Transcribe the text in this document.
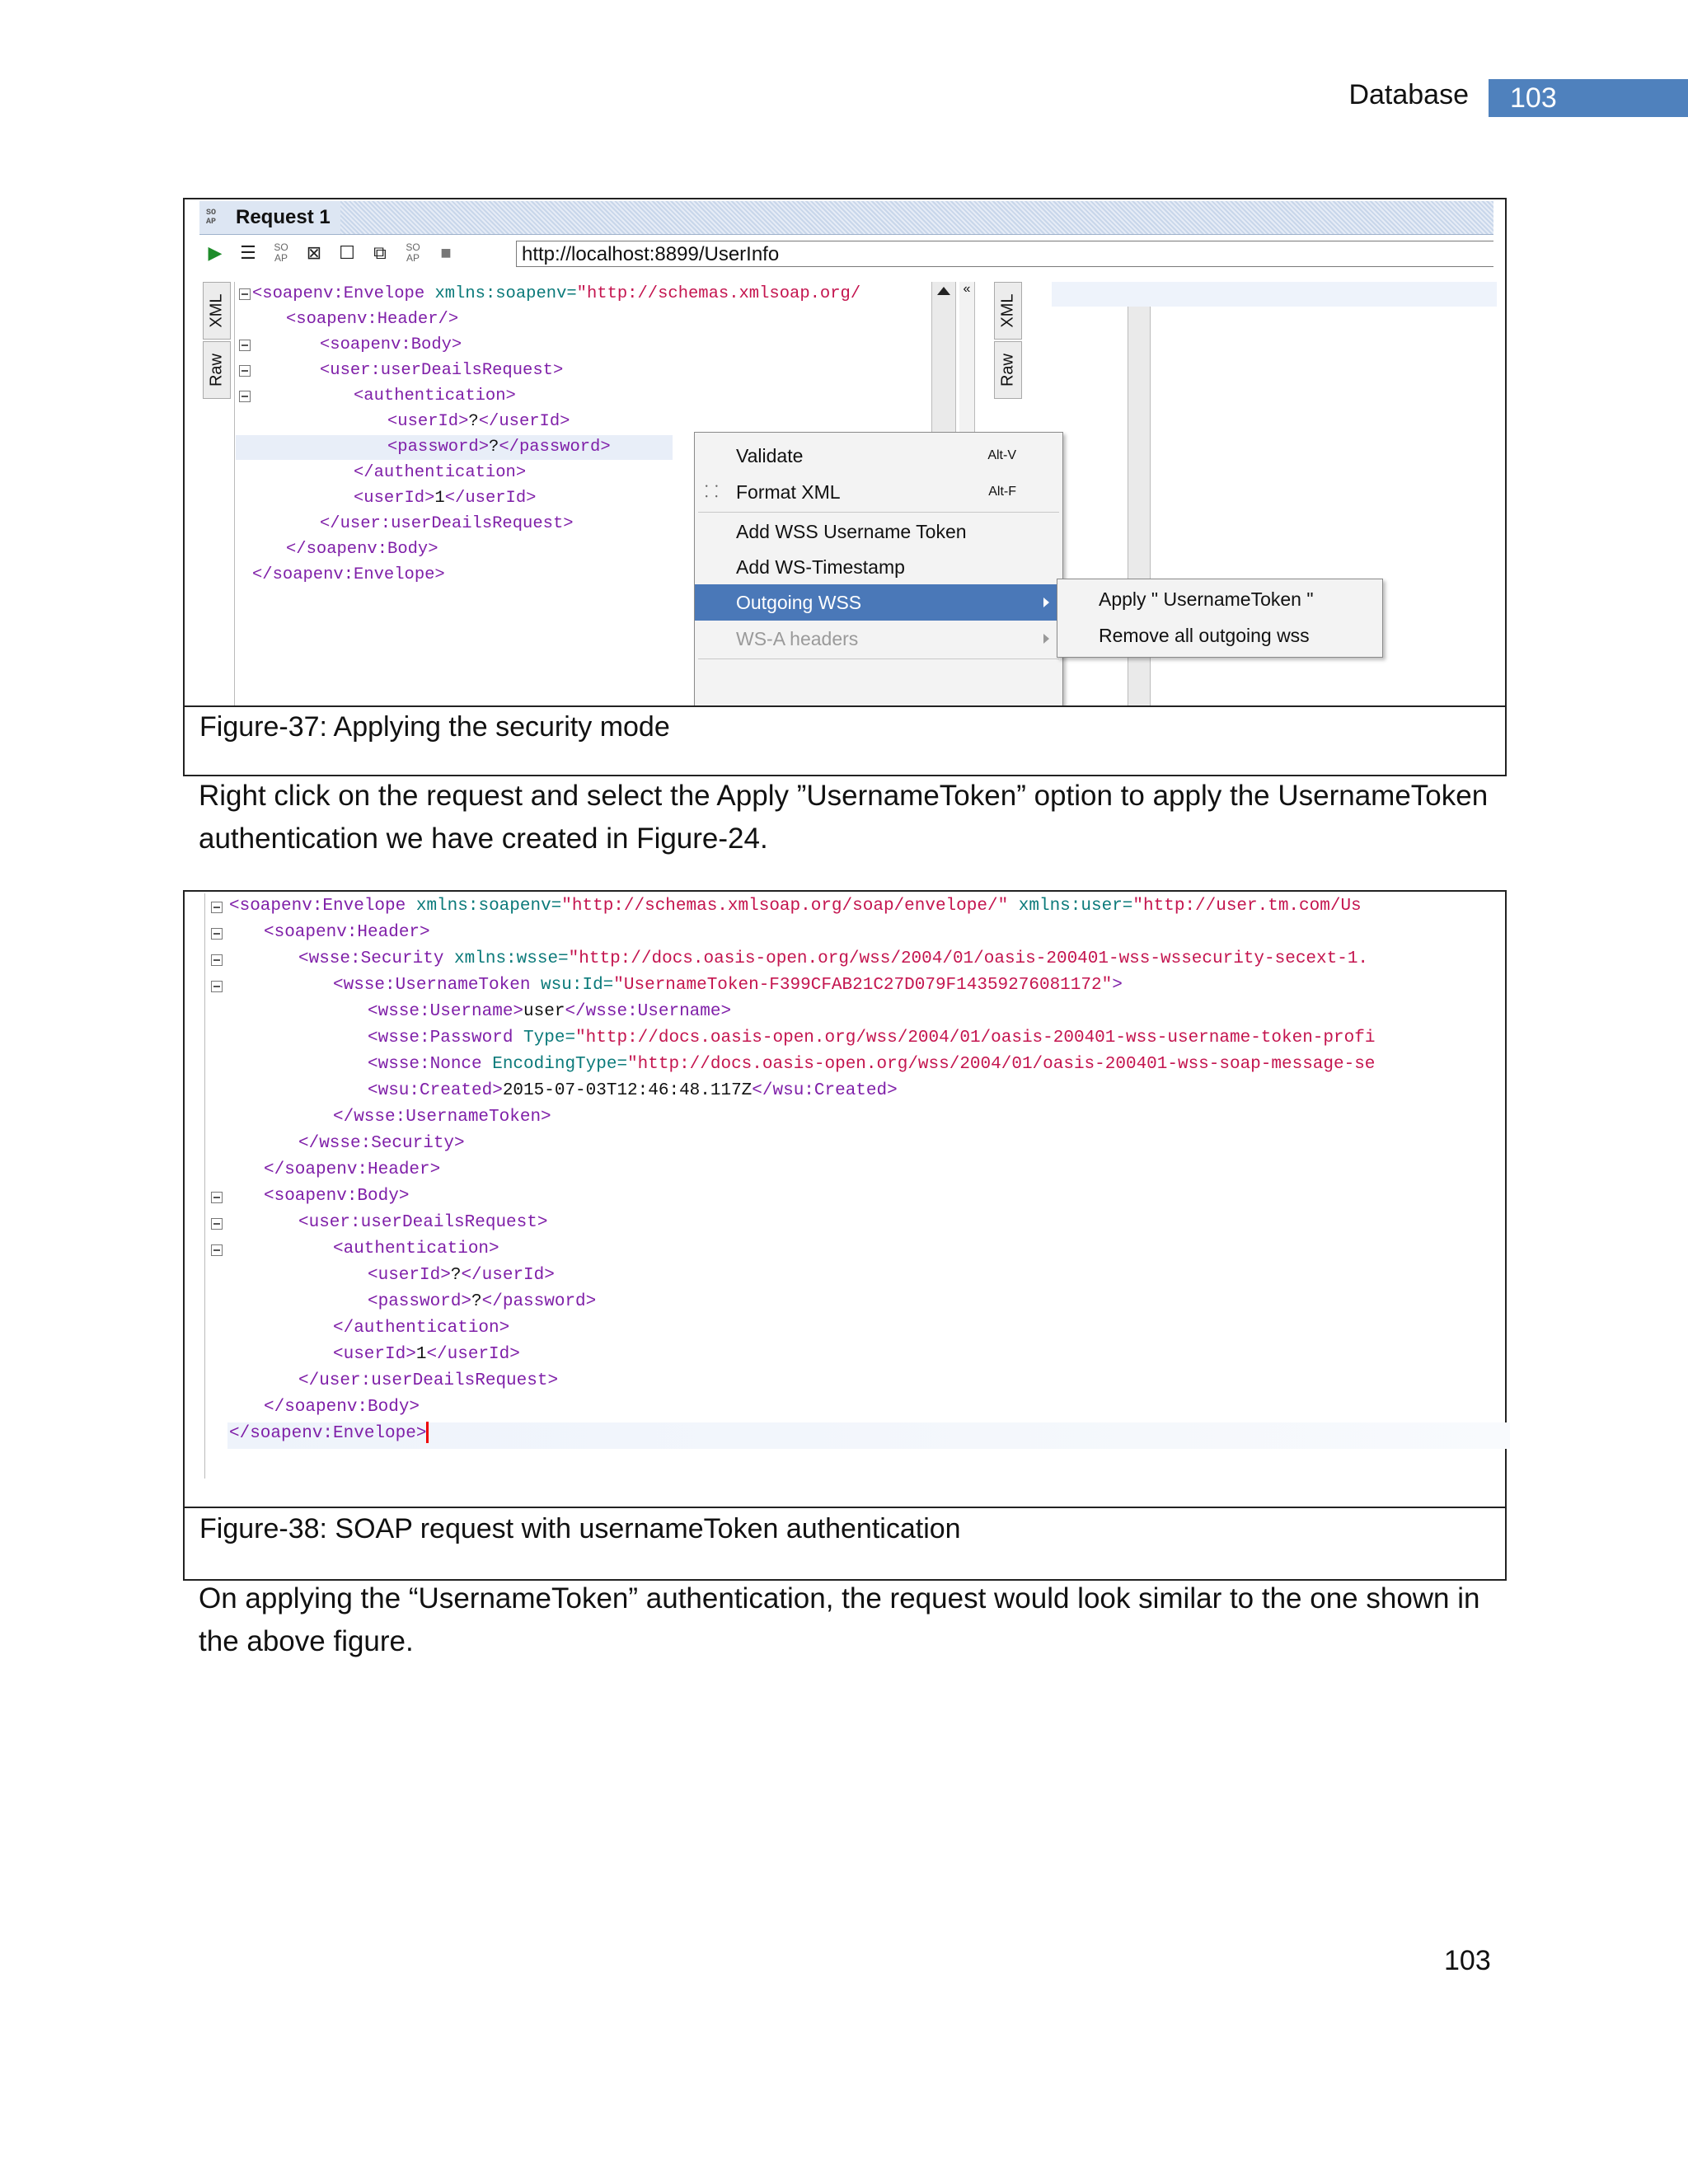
Database	103
SO
AP Request 1
▶ ☰	SO
AP ⊠ ☐ ⧉	SO
AP ■	http://localhost:8899/UserInfo
XML
Raw
<soapenv:Envelope xmlns:soapenv="http://schemas.xmlsoap.org/
<soapenv:Header/>
<soapenv:Body>
<user:userDeailsRequest>
<authentication>
<userId>?</userId>
<password>?</password>
</authentication>
<userId>1</userId>
</user:userDeailsRequest>
</soapenv:Body>
</soapenv:Envelope>
«
XML
Raw
Validate	Alt-V
⸬ Format XML	Alt-F
Add WSS Username Token
Add WS-Timestamp
Outgoing WSS
WS-A headers
Apply " UsernameToken "
Remove all outgoing wss
Figure-37: Applying the security mode
Right click on the request and select the Apply ”UsernameToken” option to apply the UsernameToken authentication we have created in Figure-24.
<soapenv:Envelope xmlns:soapenv="http://schemas.xmlsoap.org/soap/envelope/" xmlns:user="http://user.tm.com/Us
<soapenv:Header>
<wsse:Security xmlns:wsse="http://docs.oasis-open.org/wss/2004/01/oasis-200401-wss-wssecurity-secext-1.
<wsse:UsernameToken wsu:Id="UsernameToken-F399CFAB21C27D079F14359276081172">
<wsse:Username>user</wsse:Username>
<wsse:Password Type="http://docs.oasis-open.org/wss/2004/01/oasis-200401-wss-username-token-profi
<wsse:Nonce EncodingType="http://docs.oasis-open.org/wss/2004/01/oasis-200401-wss-soap-message-se
<wsu:Created>2015-07-03T12:46:48.117Z</wsu:Created>
</wsse:UsernameToken>
</wsse:Security>
</soapenv:Header>
<soapenv:Body>
<user:userDeailsRequest>
<authentication>
<userId>?</userId>
<password>?</password>
</authentication>
<userId>1</userId>
</user:userDeailsRequest>
</soapenv:Body>
</soapenv:Envelope>
Figure-38: SOAP request with usernameToken authentication
On applying the “UsernameToken” authentication, the request would look similar to the one shown in the above figure.
103
